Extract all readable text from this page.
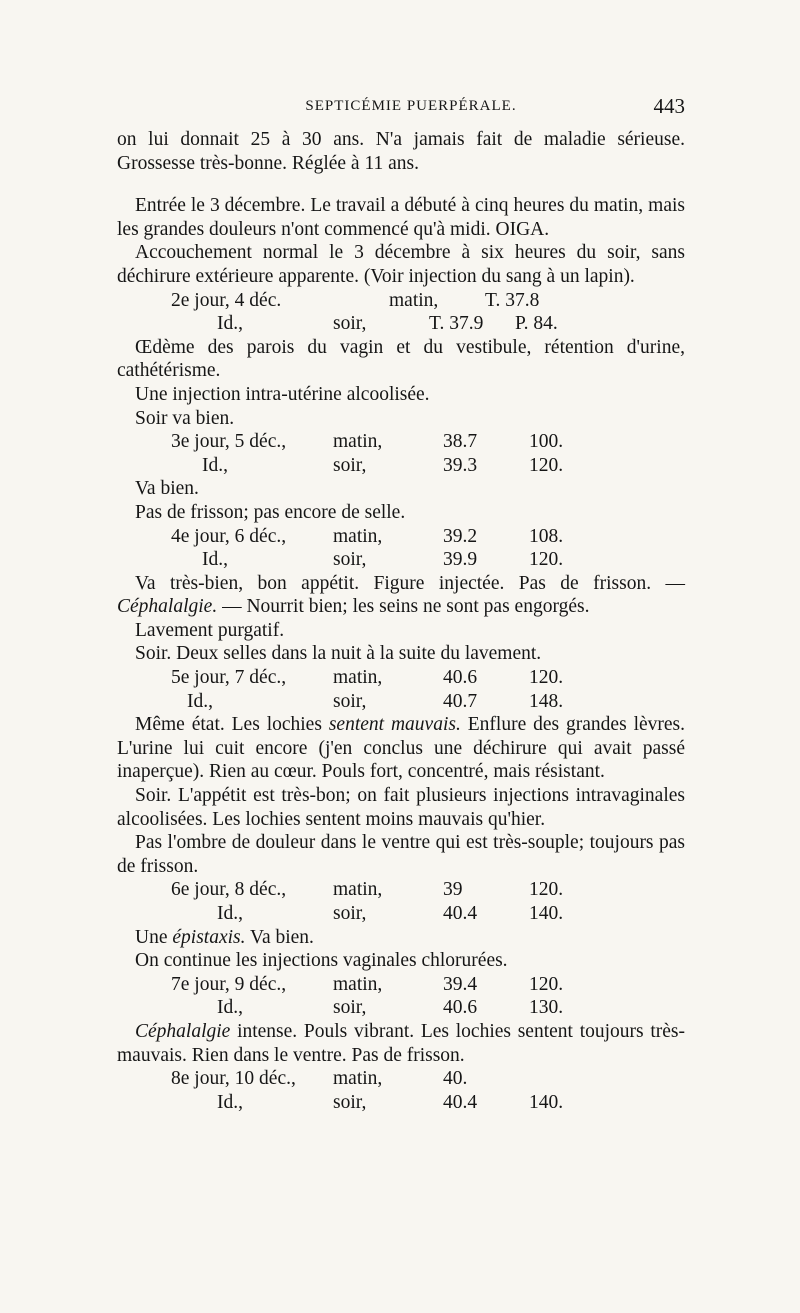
SEPTICÉMIE PUERPÉRALE.	443

on lui donnait 25 à 30 ans. N'a jamais fait de maladie sérieuse. Grossesse très-bonne. Réglée à 11 ans.

Entrée le 3 décembre. Le travail a débuté à cinq heures du matin, mais les grandes douleurs n'ont commencé qu'à midi. OIGA.

Accouchement normal le 3 décembre à six heures du soir, sans déchirure extérieure apparente. (Voir injection du sang à un lapin).

2e jour, 4 déc.	matin,	T. 37.8
Id.,	soir,	T. 37.9	P. 84.

Œdème des parois du vagin et du vestibule, rétention d'urine, cathétérisme.

Une injection intra-utérine alcoolisée.

Soir va bien.

3e jour, 5 déc.,	matin,	38.7	100.
Id.,	soir,	39.3	120.

Va bien.

Pas de frisson; pas encore de selle.

4e jour, 6 déc.,	matin,	39.2	108.
Id.,	soir,	39.9	120.

Va très-bien, bon appétit. Figure injectée. Pas de frisson. — Céphalalgie. — Nourrit bien; les seins ne sont pas engorgés.

Lavement purgatif.

Soir. Deux selles dans la nuit à la suite du lavement.

5e jour, 7 déc.,	matin,	40.6	120.
Id.,	soir,	40.7	148.

Même état. Les lochies sentent mauvais. Enflure des grandes lèvres. L'urine lui cuit encore (j'en conclus une déchirure qui avait passé inaperçue). Rien au cœur. Pouls fort, concentré, mais résistant.

Soir. L'appétit est très-bon; on fait plusieurs injections intravaginales alcoolisées. Les lochies sentent moins mauvais qu'hier.

Pas l'ombre de douleur dans le ventre qui est très-souple; toujours pas de frisson.

6e jour, 8 déc.,	matin,	39	120.
Id.,	soir,	40.4	140.

Une épistaxis. Va bien.

On continue les injections vaginales chlorurées.

7e jour, 9 déc.,	matin,	39.4	120.
Id.,	soir,	40.6	130.

Céphalalgie intense. Pouls vibrant. Les lochies sentent toujours très-mauvais. Rien dans le ventre. Pas de frisson.

8e jour, 10 déc.,	matin,	40.
Id.,	soir,	40.4	140.
